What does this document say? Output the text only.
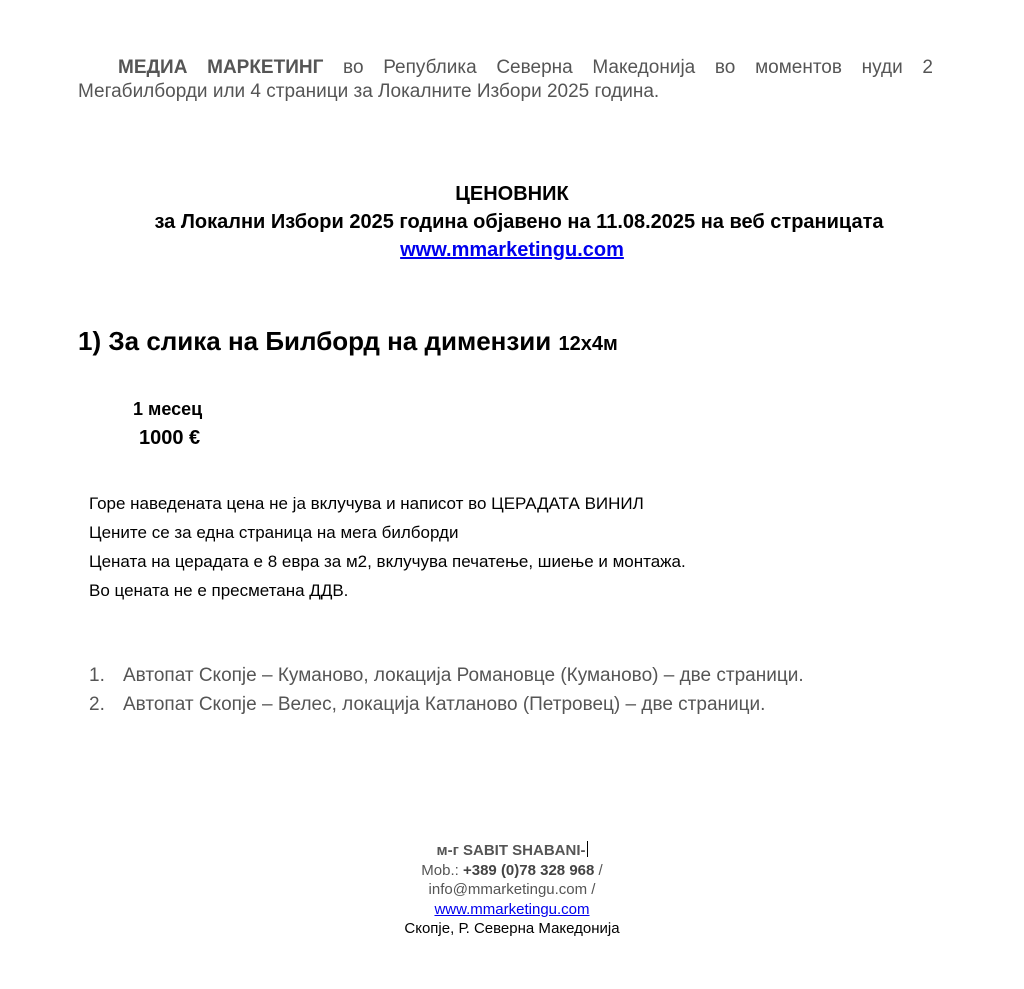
МЕДИА МАРКЕТИНГ во Република Северна Македонија во моментов нуди 2 Мегабилборди или 4 страници за Локалните Избори 2025 година.
ЦЕНОВНИК
за Локални Избори 2025 година објавено на 11.08.2025 на веб страницата
www.mmarketingu.com
1) За слика на Билборд на димензии 12х4м
1 месец
1000 €
Горе наведената цена не ја вклучува и написот во ЦЕРАДАТА ВИНИЛ
Цените се за една страница на мега билборди
Цената на церадата е 8 евра за м2, вклучува печатење, шиење и монтажа.
Во цената не е пресметана ДДВ.
1. Автопат Скопје – Куманово, локација Романовце (Куманово) – две страници.
2. Автопат Скопје – Велес, локација Катланово (Петровец) – две страници.
м-г SABIT SHABANI-
Mob.: +389 (0)78 328 968 /
info@mmarketingu.com /
www.mmarketingu.com
Скопје, Р. Северна Македонија
